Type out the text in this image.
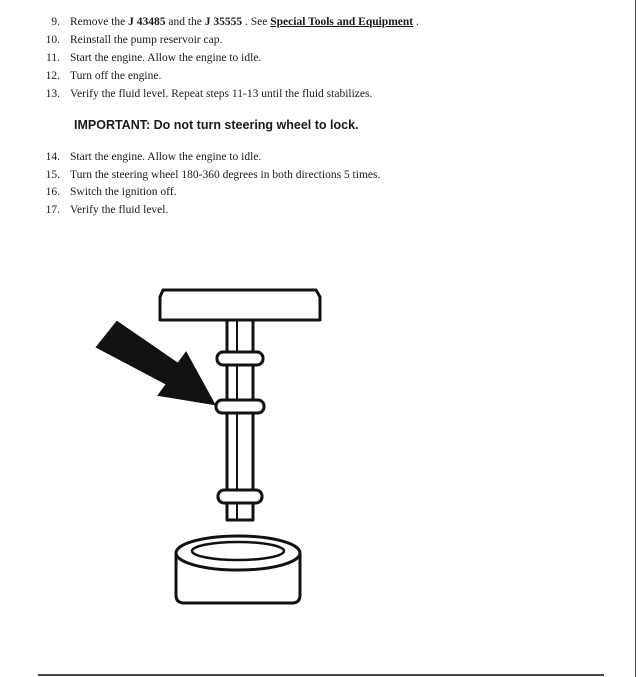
9. Remove the J 43485 and the J 35555 . See Special Tools and Equipment .
10. Reinstall the pump reservoir cap.
11. Start the engine. Allow the engine to idle.
12. Turn off the engine.
13. Verify the fluid level. Repeat steps 11-13 until the fluid stabilizes.
IMPORTANT: Do not turn steering wheel to lock.
14. Start the engine. Allow the engine to idle.
15. Turn the steering wheel 180-360 degrees in both directions 5 times.
16. Switch the ignition off.
17. Verify the fluid level.
